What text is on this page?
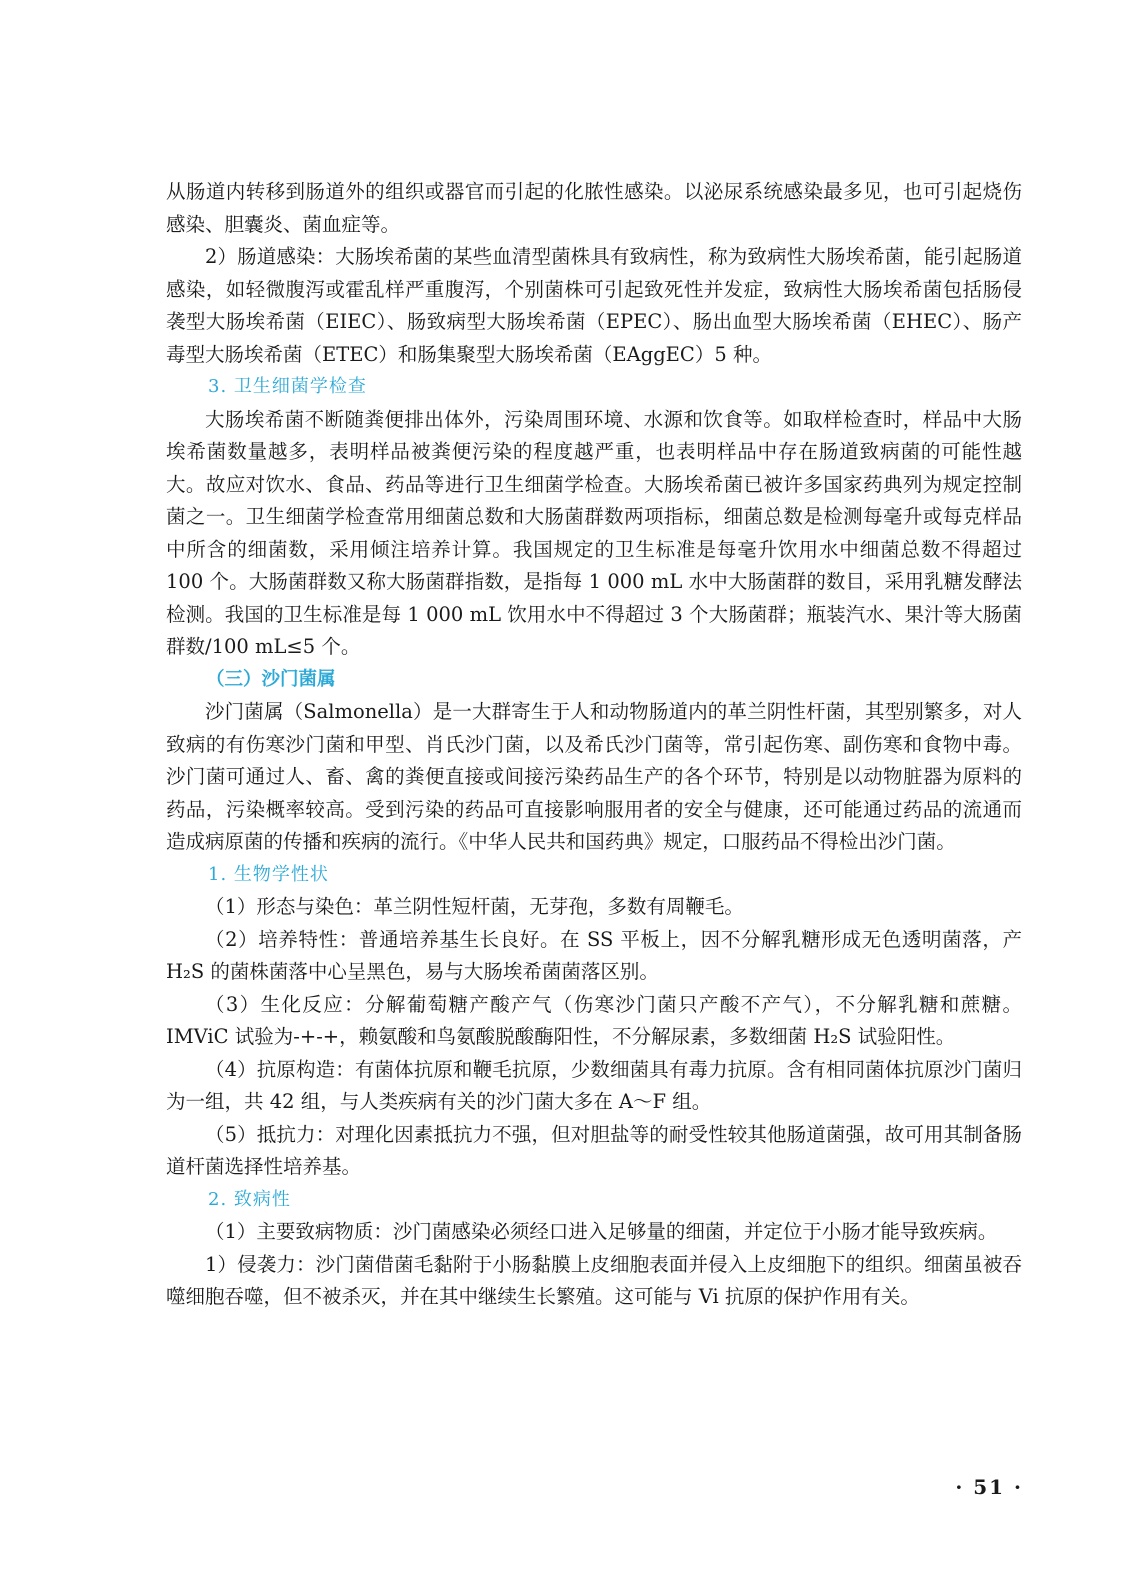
从肠道内转移到肠道外的组织或器官而引起的化脓性感染。以泌尿系统感染最多见，也可引起烧伤感染、胆囊炎、菌血症等。

2）肠道感染：大肠埃希菌的某些血清型菌株具有致病性，称为致病性大肠埃希菌，能引起肠道感染，如轻微腹泻或霍乱样严重腹泻，个别菌株可引起致死性并发症，致病性大肠埃希菌包括肠侵袭型大肠埃希菌（EIEC）、肠致病型大肠埃希菌（EPEC）、肠出血型大肠埃希菌（EHEC）、肠产毒型大肠埃希菌（ETEC）和肠集聚型大肠埃希菌（EAggEC）5 种。

3. 卫生细菌学检查

大肠埃希菌不断随粪便排出体外，污染周围环境、水源和饮食等。如取样检查时，样品中大肠埃希菌数量越多，表明样品被粪便污染的程度越严重，也表明样品中存在肠道致病菌的可能性越大。故应对饮水、食品、药品等进行卫生细菌学检查。大肠埃希菌已被许多国家药典列为规定控制菌之一。卫生细菌学检查常用细菌总数和大肠菌群数两项指标，细菌总数是检测每毫升或每克样品中所含的细菌数，采用倾注培养计算。我国规定的卫生标准是每毫升饮用水中细菌总数不得超过 100 个。大肠菌群数又称大肠菌群指数，是指每 1 000 mL 水中大肠菌群的数目，采用乳糖发酵法检测。我国的卫生标准是每 1 000 mL 饮用水中不得超过 3 个大肠菌群；瓶装汽水、果汁等大肠菌群数/100 mL≤5 个。

（三）沙门菌属

沙门菌属（Salmonella）是一大群寄生于人和动物肠道内的革兰阴性杆菌，其型别繁多，对人致病的有伤寒沙门菌和甲型、肖氏沙门菌，以及希氏沙门菌等，常引起伤寒、副伤寒和食物中毒。沙门菌可通过人、畜、禽的粪便直接或间接污染药品生产的各个环节，特别是以动物脏器为原料的药品，污染概率较高。受到污染的药品可直接影响服用者的安全与健康，还可能通过药品的流通而造成病原菌的传播和疾病的流行。《中华人民共和国药典》规定，口服药品不得检出沙门菌。

1. 生物学性状

（1）形态与染色：革兰阴性短杆菌，无芽孢，多数有周鞭毛。

（2）培养特性：普通培养基生长良好。在 SS 平板上，因不分解乳糖形成无色透明菌落，产 H₂S 的菌株菌落中心呈黑色，易与大肠埃希菌菌落区别。

（3）生化反应：分解葡萄糖产酸产气（伤寒沙门菌只产酸不产气），不分解乳糖和蔗糖。IMViC 试验为-+-+，赖氨酸和鸟氨酸脱酸酶阳性，不分解尿素，多数细菌 H₂S 试验阳性。

（4）抗原构造：有菌体抗原和鞭毛抗原，少数细菌具有毒力抗原。含有相同菌体抗原沙门菌归为一组，共 42 组，与人类疾病有关的沙门菌大多在 A～F 组。

（5）抵抗力：对理化因素抵抗力不强，但对胆盐等的耐受性较其他肠道菌强，故可用其制备肠道杆菌选择性培养基。

2. 致病性

（1）主要致病物质：沙门菌感染必须经口进入足够量的细菌，并定位于小肠才能导致疾病。

1）侵袭力：沙门菌借菌毛黏附于小肠黏膜上皮细胞表面并侵入上皮细胞下的组织。细菌虽被吞噬细胞吞噬，但不被杀灭，并在其中继续生长繁殖。这可能与 Vi 抗原的保护作用有关。

· 51 ·
